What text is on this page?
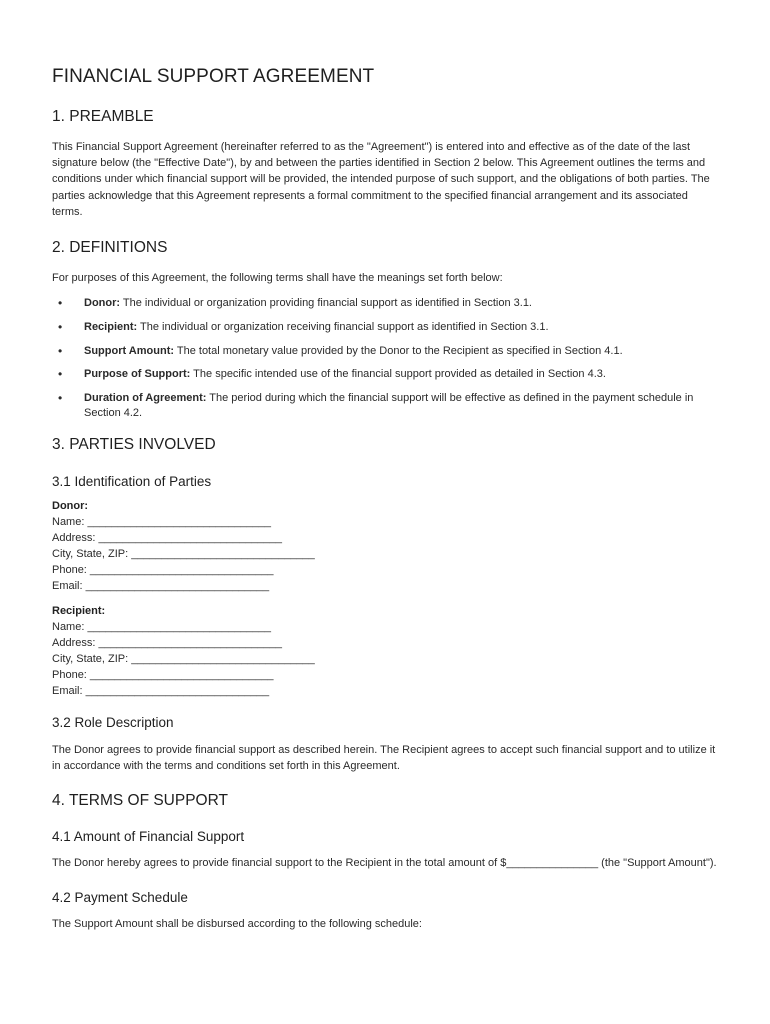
FINANCIAL SUPPORT AGREEMENT
1. PREAMBLE

This Financial Support Agreement (hereinafter referred to as the "Agreement") is entered into and effective as of the date of the last signature below (the "Effective Date"), by and between the parties identified in Section 2 below. This Agreement outlines the terms and conditions under which financial support will be provided, the intended purpose of such support, and the obligations of both parties. The parties acknowledge that this Agreement represents a formal commitment to the specified financial arrangement and its associated terms.

2. DEFINITIONS

For purposes of this Agreement, the following terms shall have the meanings set forth below:

• Donor: The individual or organization providing financial support as identified in Section 3.1.
• Recipient: The individual or organization receiving financial support as identified in Section 3.1.
• Support Amount: The total monetary value provided by the Donor to the Recipient as specified in Section 4.1.
• Purpose of Support: The specific intended use of the financial support provided as detailed in Section 4.3.
• Duration of Agreement: The period during which the financial support will be effective as defined in the payment schedule in Section 4.2.
3. PARTIES INVOLVED
3.1 Identification of Parties
Donor:
Name: ______________________________
Address: ______________________________
City, State, ZIP: ______________________________
Phone: ______________________________
Email: ______________________________
Recipient:
Name: ______________________________
Address: ______________________________
City, State, ZIP: ______________________________
Phone: ______________________________
Email: ______________________________
3.2 Role Description

The Donor agrees to provide financial support as described herein. The Recipient agrees to accept such financial support and to utilize it in accordance with the terms and conditions set forth in this Agreement.

4. TERMS OF SUPPORT
4.1 Amount of Financial Support

The Donor hereby agrees to provide financial support to the Recipient in the total amount of $_______________ (the "Support Amount").

4.2 Payment Schedule

The Support Amount shall be disbursed according to the following schedule:
